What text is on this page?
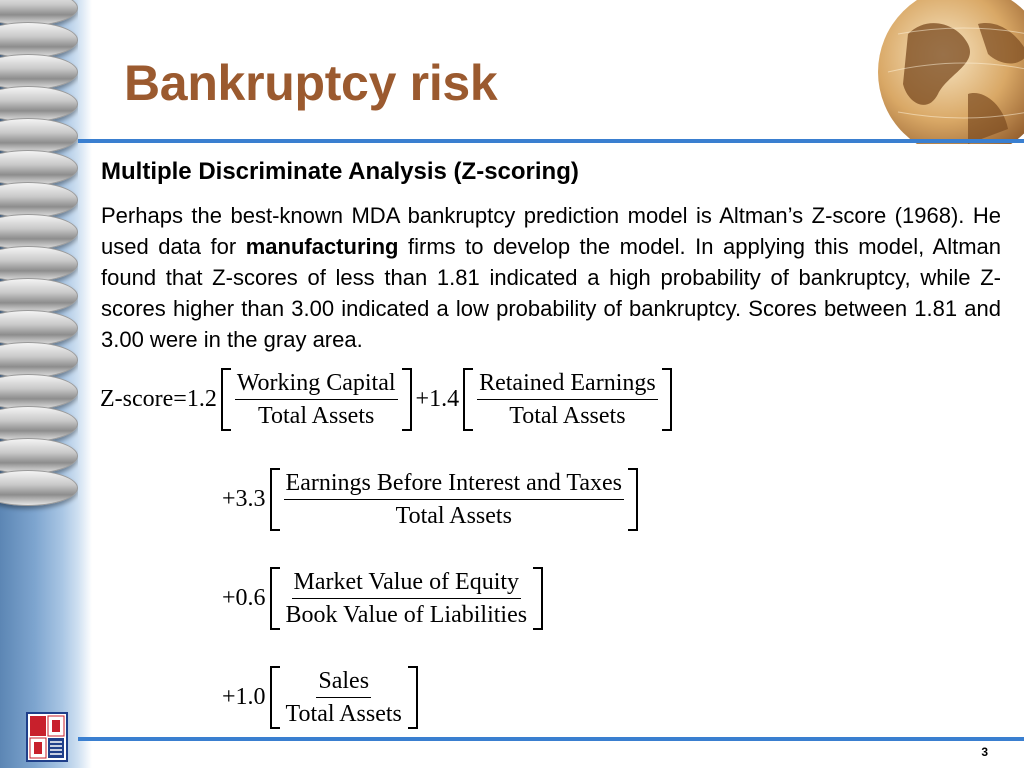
Bankruptcy risk
Multiple Discriminate Analysis (Z-scoring)

Perhaps the best-known MDA bankruptcy prediction model is Altman’s Z-score (1968). He used data for manufacturing firms to develop the model. In applying this model, Altman found that Z-scores of less than 1.81 indicated a high probability of bankruptcy, while Z-scores higher than 3.00 indicated a low probability of bankruptcy. Scores between 1.81 and 3.00 were in the gray area.

Z-score=1.2 $\frac{\text{Working Capital}}{\text{Total Assets}} +1.4 \frac{\text{Retained Earnings}}{\text{Total Assets}}$
$+3.3 \frac{\text{Earnings Before Interest and Taxes}}{\text{Total Assets}}$
$+0.6 \frac{\text{Market Value of Equity}}{\text{Book Value of Liabilities}}$
$+1.0 \frac{\text{Sales}}{\text{Total Assets}}$
3
